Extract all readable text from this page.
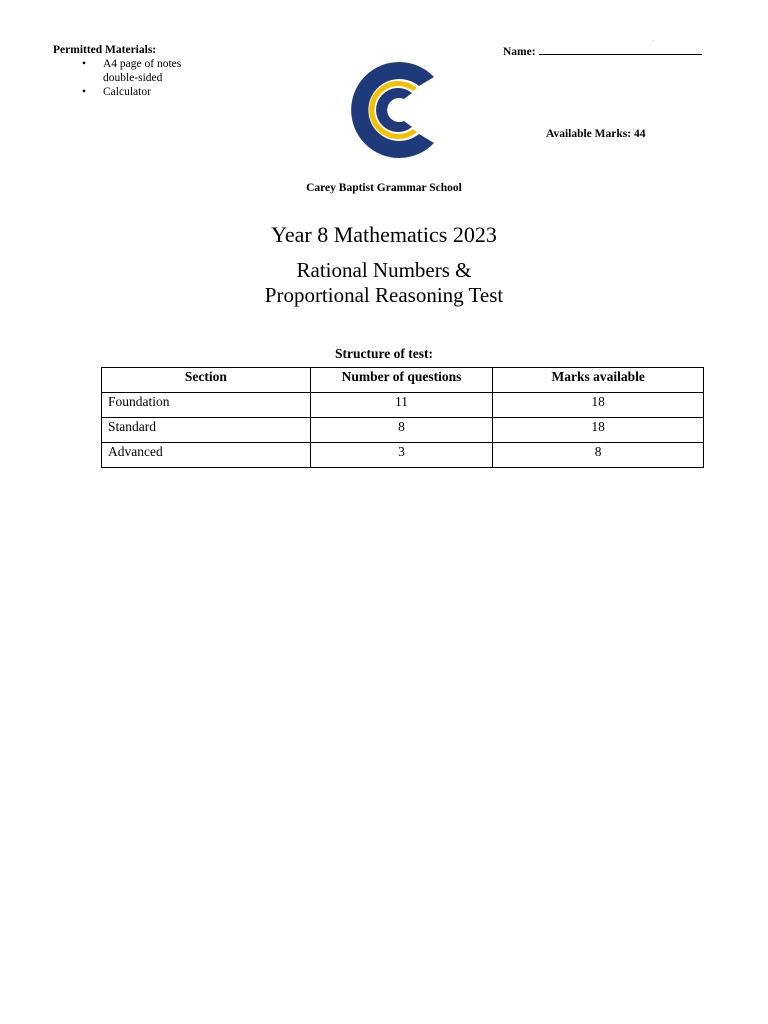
Permitted Materials:
• A4 page of notes double-sided
• Calculator
·
Name:
Available Marks: 44
Carey Baptist Grammar School
Year 8 Mathematics 2023
Rational Numbers &
Proportional Reasoning Test
Structure of test:
Section	Number of questions	Marks available
Foundation	11	18
Standard	8	18
Advanced	3	8
